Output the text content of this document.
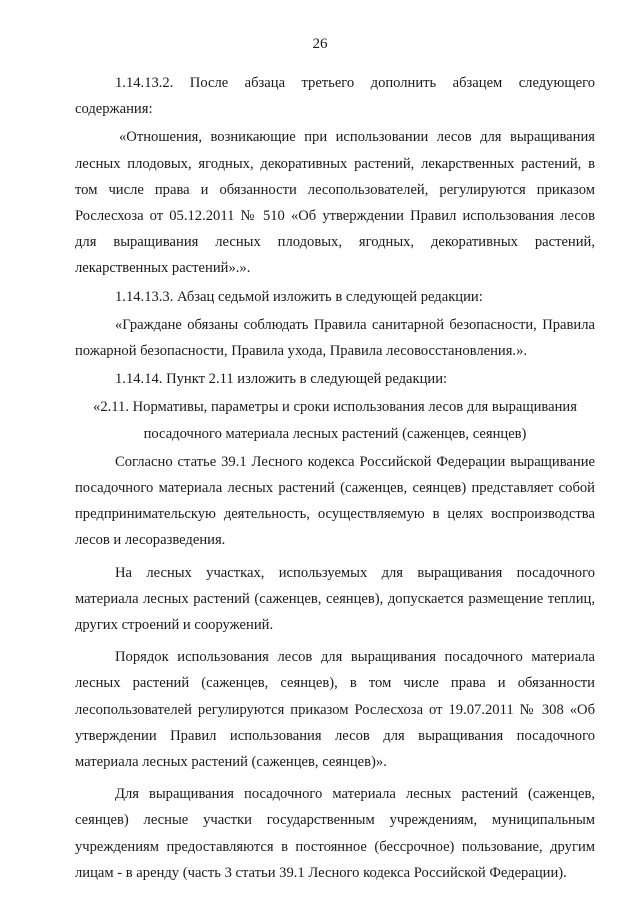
26

1.14.13.2. После абзаца третьего дополнить абзацем следующего содержания:

«Отношения, возникающие при использовании лесов для выращивания лесных плодовых, ягодных, декоративных растений, лекарственных растений, в том числе права и обязанности лесопользователей, регулируются приказом Рослесхоза от 05.12.2011 № 510 «Об утверждении Правил использования лесов для выращивания лесных плодовых, ягодных, декоративных растений, лекарственных растений».».

1.14.13.3. Абзац седьмой изложить в следующей редакции:

«Граждане обязаны соблюдать Правила санитарной безопасности, Правила пожарной безопасности, Правила ухода, Правила лесовосстановления.».

1.14.14. Пункт 2.11 изложить в следующей редакции:

«2.11. Нормативы, параметры и сроки использования лесов для выращивания

посадочного материала лесных растений (саженцев, сеянцев)

Согласно статье 39.1 Лесного кодекса Российской Федерации выращивание посадочного материала лесных растений (саженцев, сеянцев) представляет собой предпринимательскую деятельность, осуществляемую в целях воспроизводства лесов и лесоразведения.

На лесных участках, используемых для выращивания посадочного материала лесных растений (саженцев, сеянцев), допускается размещение теплиц, других строений и сооружений.

Порядок использования лесов для выращивания посадочного материала лесных растений (саженцев, сеянцев), в том числе права и обязанности лесопользователей регулируются приказом Рослесхоза от 19.07.2011 № 308 «Об утверждении Правил использования лесов для выращивания посадочного материала лесных растений (саженцев, сеянцев)».

Для выращивания посадочного материала лесных растений (саженцев, сеянцев) лесные участки государственным учреждениям, муниципальным учреждениям предоставляются в постоянное (бессрочное) пользование, другим лицам - в аренду (часть 3 статьи 39.1 Лесного кодекса Российской Федерации).
